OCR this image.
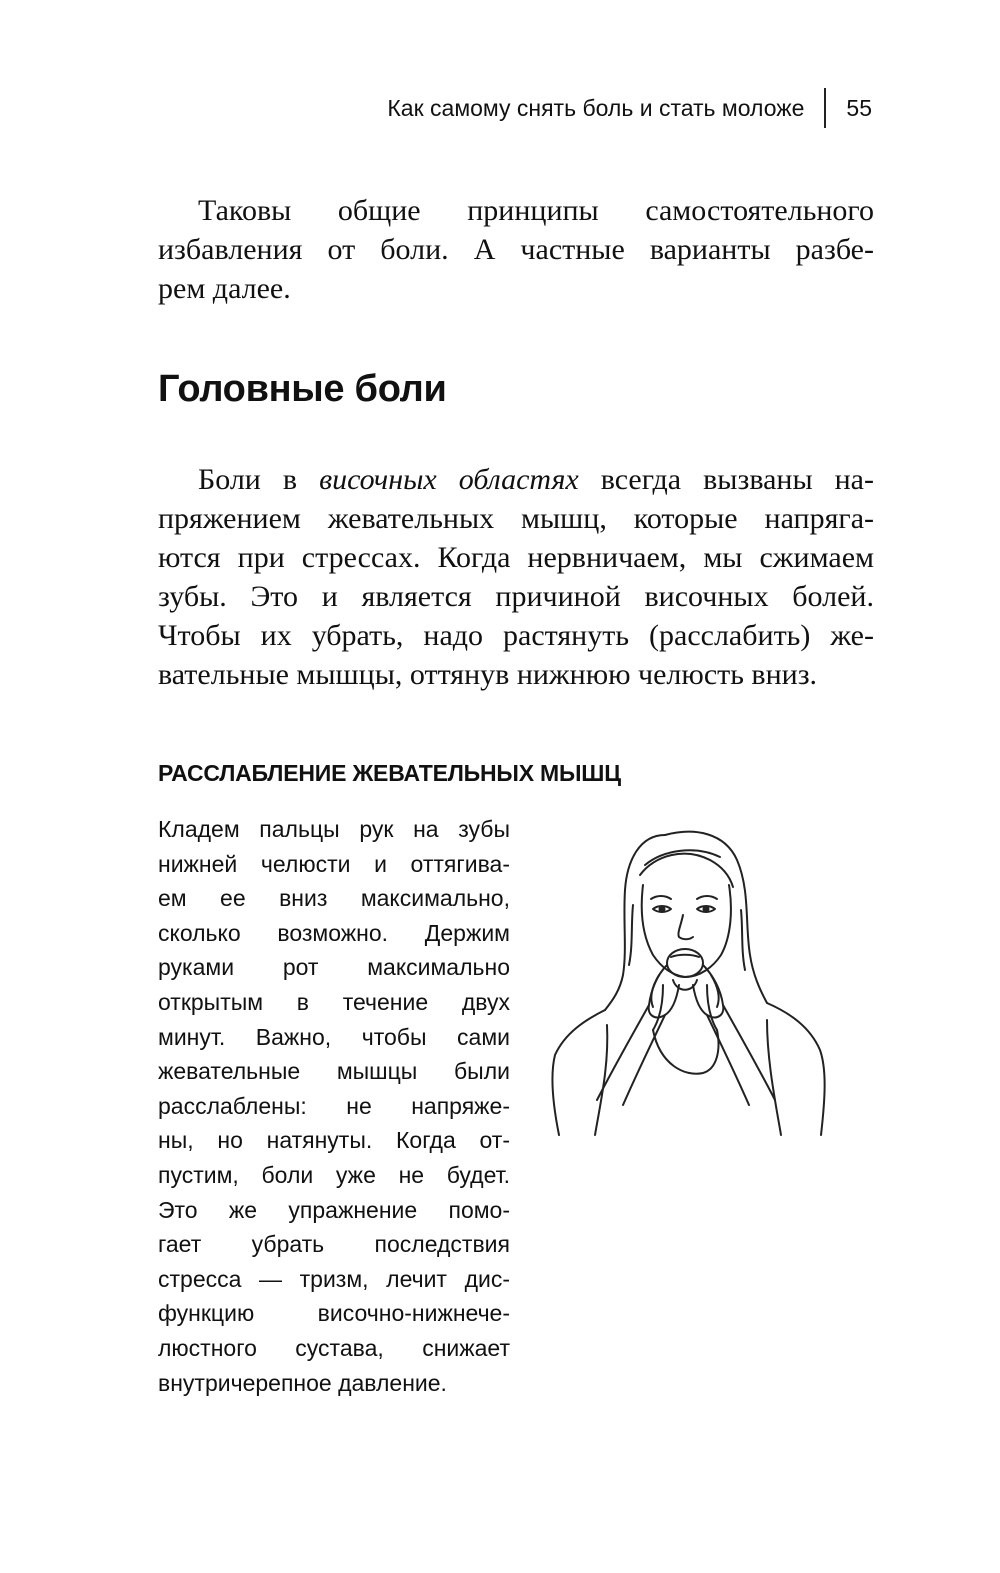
Как самому снять боль и стать моложе 55
Таковы общие принципы самостоятельного
избавления от боли. А частные варианты разбе-
рем далее.
Головные боли
Боли в височных областях всегда вызваны на-
пряжением жевательных мышц, которые напряга-
ются при стрессах. Когда нервничаем, мы сжимаем
зубы. Это и является причиной височных болей.
Чтобы их убрать, надо растянуть (расслабить) же-
вательные мышцы, оттянув нижнюю челюсть вниз.
РАССЛАБЛЕНИЕ ЖЕВАТЕЛЬНЫХ МЫШЦ
Кладем пальцы рук на зубы
нижней челюсти и оттягива-
ем ее вниз максимально,
сколько возможно. Держим
руками рот максимально
открытым в течение двух
минут. Важно, чтобы сами
жевательные мышцы были
расслаблены: не напряже-
ны, но натянуты. Когда от-
пустим, боли уже не будет.
Это же упражнение помо-
гает убрать последствия
стресса — тризм, лечит дис-
функцию височно-нижнече-
люстного сустава, снижает
внутричерепное давление.
